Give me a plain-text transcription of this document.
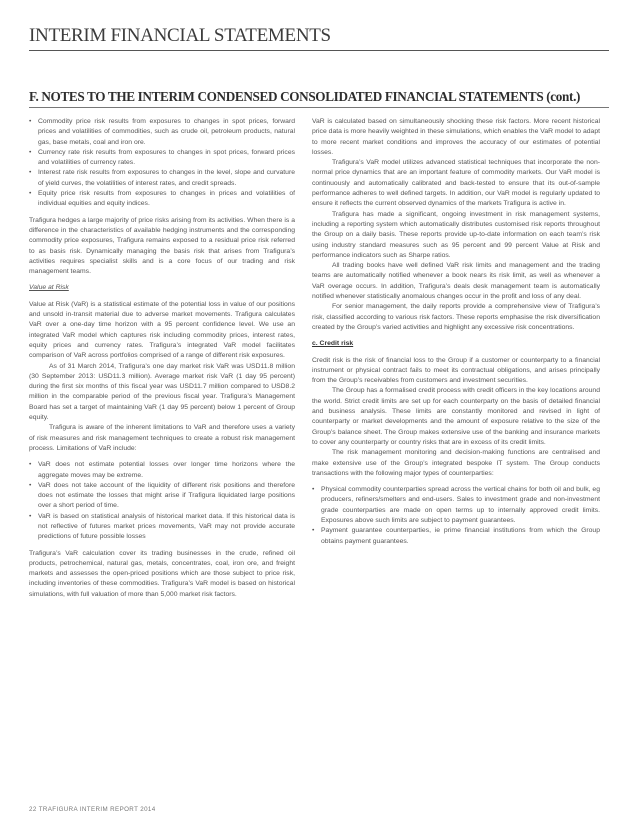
INTERIM FINANCIAL STATEMENTS
F. NOTES TO THE INTERIM CONDENSED CONSOLIDATED FINANCIAL STATEMENTS (cont.)
• Commodity price risk results from exposures to changes in spot prices, forward prices and volatilities of commodities, such as crude oil, petroleum products, natural gas, base metals, coal and iron ore.
• Currency rate risk results from exposures to changes in spot prices, forward prices and volatilities of currency rates.
• Interest rate risk results from exposures to changes in the level, slope and curvature of yield curves, the volatilities of interest rates, and credit spreads.
• Equity price risk results from exposures to changes in prices and volatilities of individual equities and equity indices.

Trafigura hedges a large majority of price risks arising from its activities. When there is a difference in the characteristics of available hedging instruments and the corresponding commodity price exposures, Trafigura remains exposed to a residual price risk referred to as basis risk. Dynamically managing the basis risk that arises from Trafigura’s activities requires specialist skills and is a core focus of our trading and risk management teams.

Value at Risk

Value at Risk (VaR) is a statistical estimate of the potential loss in value of our positions and unsold in-transit material due to adverse market movements. Trafigura calculates VaR over a one-day time horizon with a 95 percent confidence level. We use an integrated VaR model which captures risk including commodity prices, interest rates, equity prices and currency rates. Trafigura’s integrated VaR model facilitates comparison of VaR across portfolios comprised of a range of different risk exposures.

As of 31 March 2014, Trafigura’s one day market risk VaR was USD11.8 million (30 September 2013: USD11.3 million). Average market risk VaR (1 day 95 percent) during the first six months of this fiscal year was USD11.7 million compared to USD8.2 million in the comparable period of the previous fiscal year. Trafigura’s Management Board has set a target of maintaining VaR (1 day 95 percent) below 1 percent of Group equity.

Trafigura is aware of the inherent limitations to VaR and therefore uses a variety of risk measures and risk management techniques to create a robust risk management process. Limitations of VaR include:

• VaR does not estimate potential losses over longer time horizons where the aggregate moves may be extreme.
• VaR does not take account of the liquidity of different risk positions and therefore does not estimate the losses that might arise if Trafigura liquidated large positions over a short period of time.
• VaR is based on statistical analysis of historical market data. If this historical data is not reflective of futures market prices movements, VaR may not provide accurate predictions of future possible losses

Trafigura’s VaR calculation cover its trading businesses in the crude, refined oil products, petrochemical, natural gas, metals, concentrates, coal, iron ore, and freight markets and assesses the open-priced positions which are those subject to price risk, including inventories of these commodities. Trafigura’s VaR model is based on historical simulations, with full valuation of more than 5,000 market risk factors.

VaR is calculated based on simultaneously shocking these risk factors. More recent historical price data is more heavily weighted in these simulations, which enables the VaR model to adapt to more recent market conditions and improves the accuracy of our estimates of potential losses.

Trafigura’s VaR model utilizes advanced statistical techniques that incorporate the non-normal price dynamics that are an important feature of commodity markets. Our VaR model is continuously and automatically calibrated and back-tested to ensure that its out-of-sample performance adheres to well defined targets. In addition, our VaR model is regularly updated to ensure it reflects the current observed dynamics of the markets Trafigura is active in.

Trafigura has made a significant, ongoing investment in risk management systems, including a reporting system which automatically distributes customised risk reports throughout the Group on a daily basis. These reports provide up-to-date information on each team’s risk using industry standard measures such as 95 percent and 99 percent Value at Risk and performance indicators such as Sharpe ratios.

All trading books have well defined VaR risk limits and management and the trading teams are automatically notified whenever a book nears its risk limit, as well as whenever a VaR overage occurs. In addition, Trafigura’s deals desk management team is automatically notified whenever statistically anomalous changes occur in the profit and loss of any deal.

For senior management, the daily reports provide a comprehensive view of Trafigura’s risk, classified according to various risk factors. These reports emphasise the risk diversification created by the Group’s varied activities and highlight any excessive risk concentrations.

c. Credit risk

Credit risk is the risk of financial loss to the Group if a customer or counterparty to a financial instrument or physical contract fails to meet its contractual obligations, and arises principally from the Group’s receivables from customers and investment securities.

The Group has a formalised credit process with credit officers in the key locations around the world. Strict credit limits are set up for each counterparty on the basis of detailed financial and business analysis. These limits are constantly monitored and revised in light of counterparty or market developments and the amount of exposure relative to the size of the Group’s balance sheet. The Group makes extensive use of the banking and insurance markets to cover any counterparty or country risks that are in excess of its credit limits.

The risk management monitoring and decision-making functions are centralised and make extensive use of the Group’s integrated bespoke IT system. The Group conducts transactions with the following major types of counterparties:

• Physical commodity counterparties spread across the vertical chains for both oil and bulk, eg producers, refiners/smelters and end-users. Sales to investment grade and non-investment grade counterparties are made on open terms up to internally approved credit limits. Exposures above such limits are subject to payment guarantees.
• Payment guarantee counterparties, ie prime financial institutions from which the Group obtains payment guarantees.
22 TRAFIGURA INTERIM REPORT 2014
